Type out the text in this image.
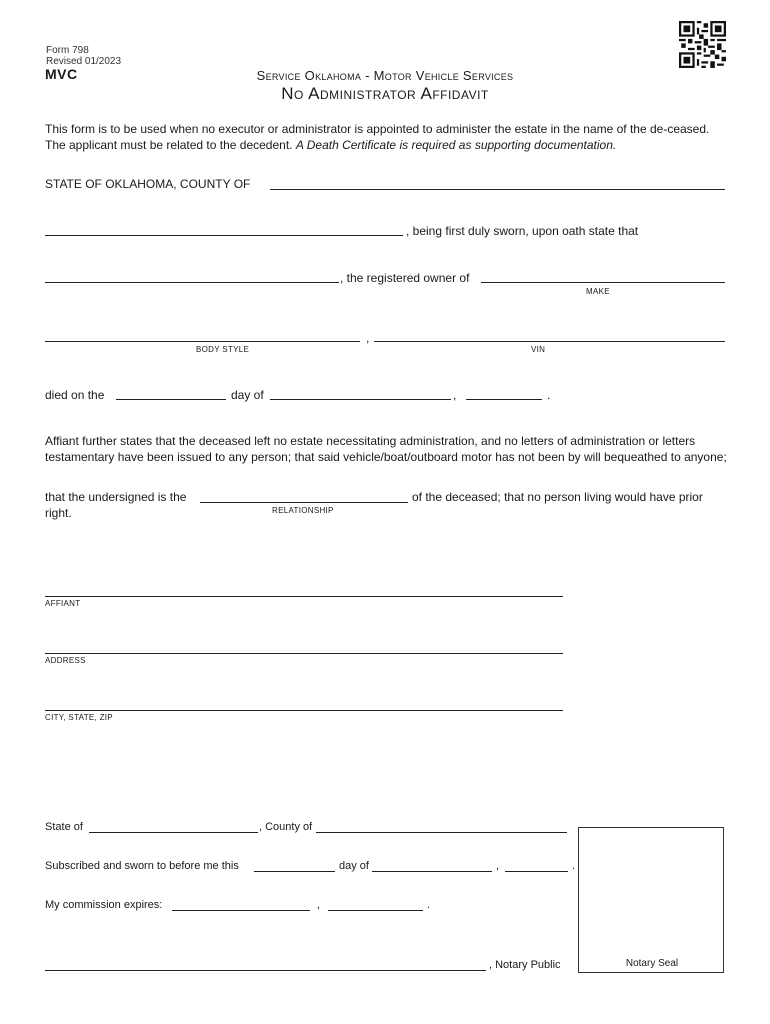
Form 798
Revised 01/2023
MVC	Service Oklahoma - Motor Vehicle Services
No Administrator Affidavit
This form is to be used when no executor or administrator is appointed to administer the estate in the name of the de-ceased. The applicant must be related to the decedent. A Death Certificate is required as supporting documentation.
STATE OF OKLAHOMA, COUNTY OF
, being first duly sworn, upon oath state that
, the registered owner of
MAKE
,
BODY STYLE	VIN
died on the	day of	,	.
Affiant further states that the deceased left no estate necessitating administration, and no letters of administration or letters testamentary have been issued to any person; that said vehicle/boat/outboard motor has not been by will bequeathed to anyone;
that the undersigned is the	of the deceased; that no person living would have prior
right.	RELATIONSHIP
AFFIANT
ADDRESS
CITY, STATE, ZIP
State of	, County of
Subscribed and sworn to before me this	day of	,	.
My commission expires:	,	.
, Notary Public	Notary Seal
